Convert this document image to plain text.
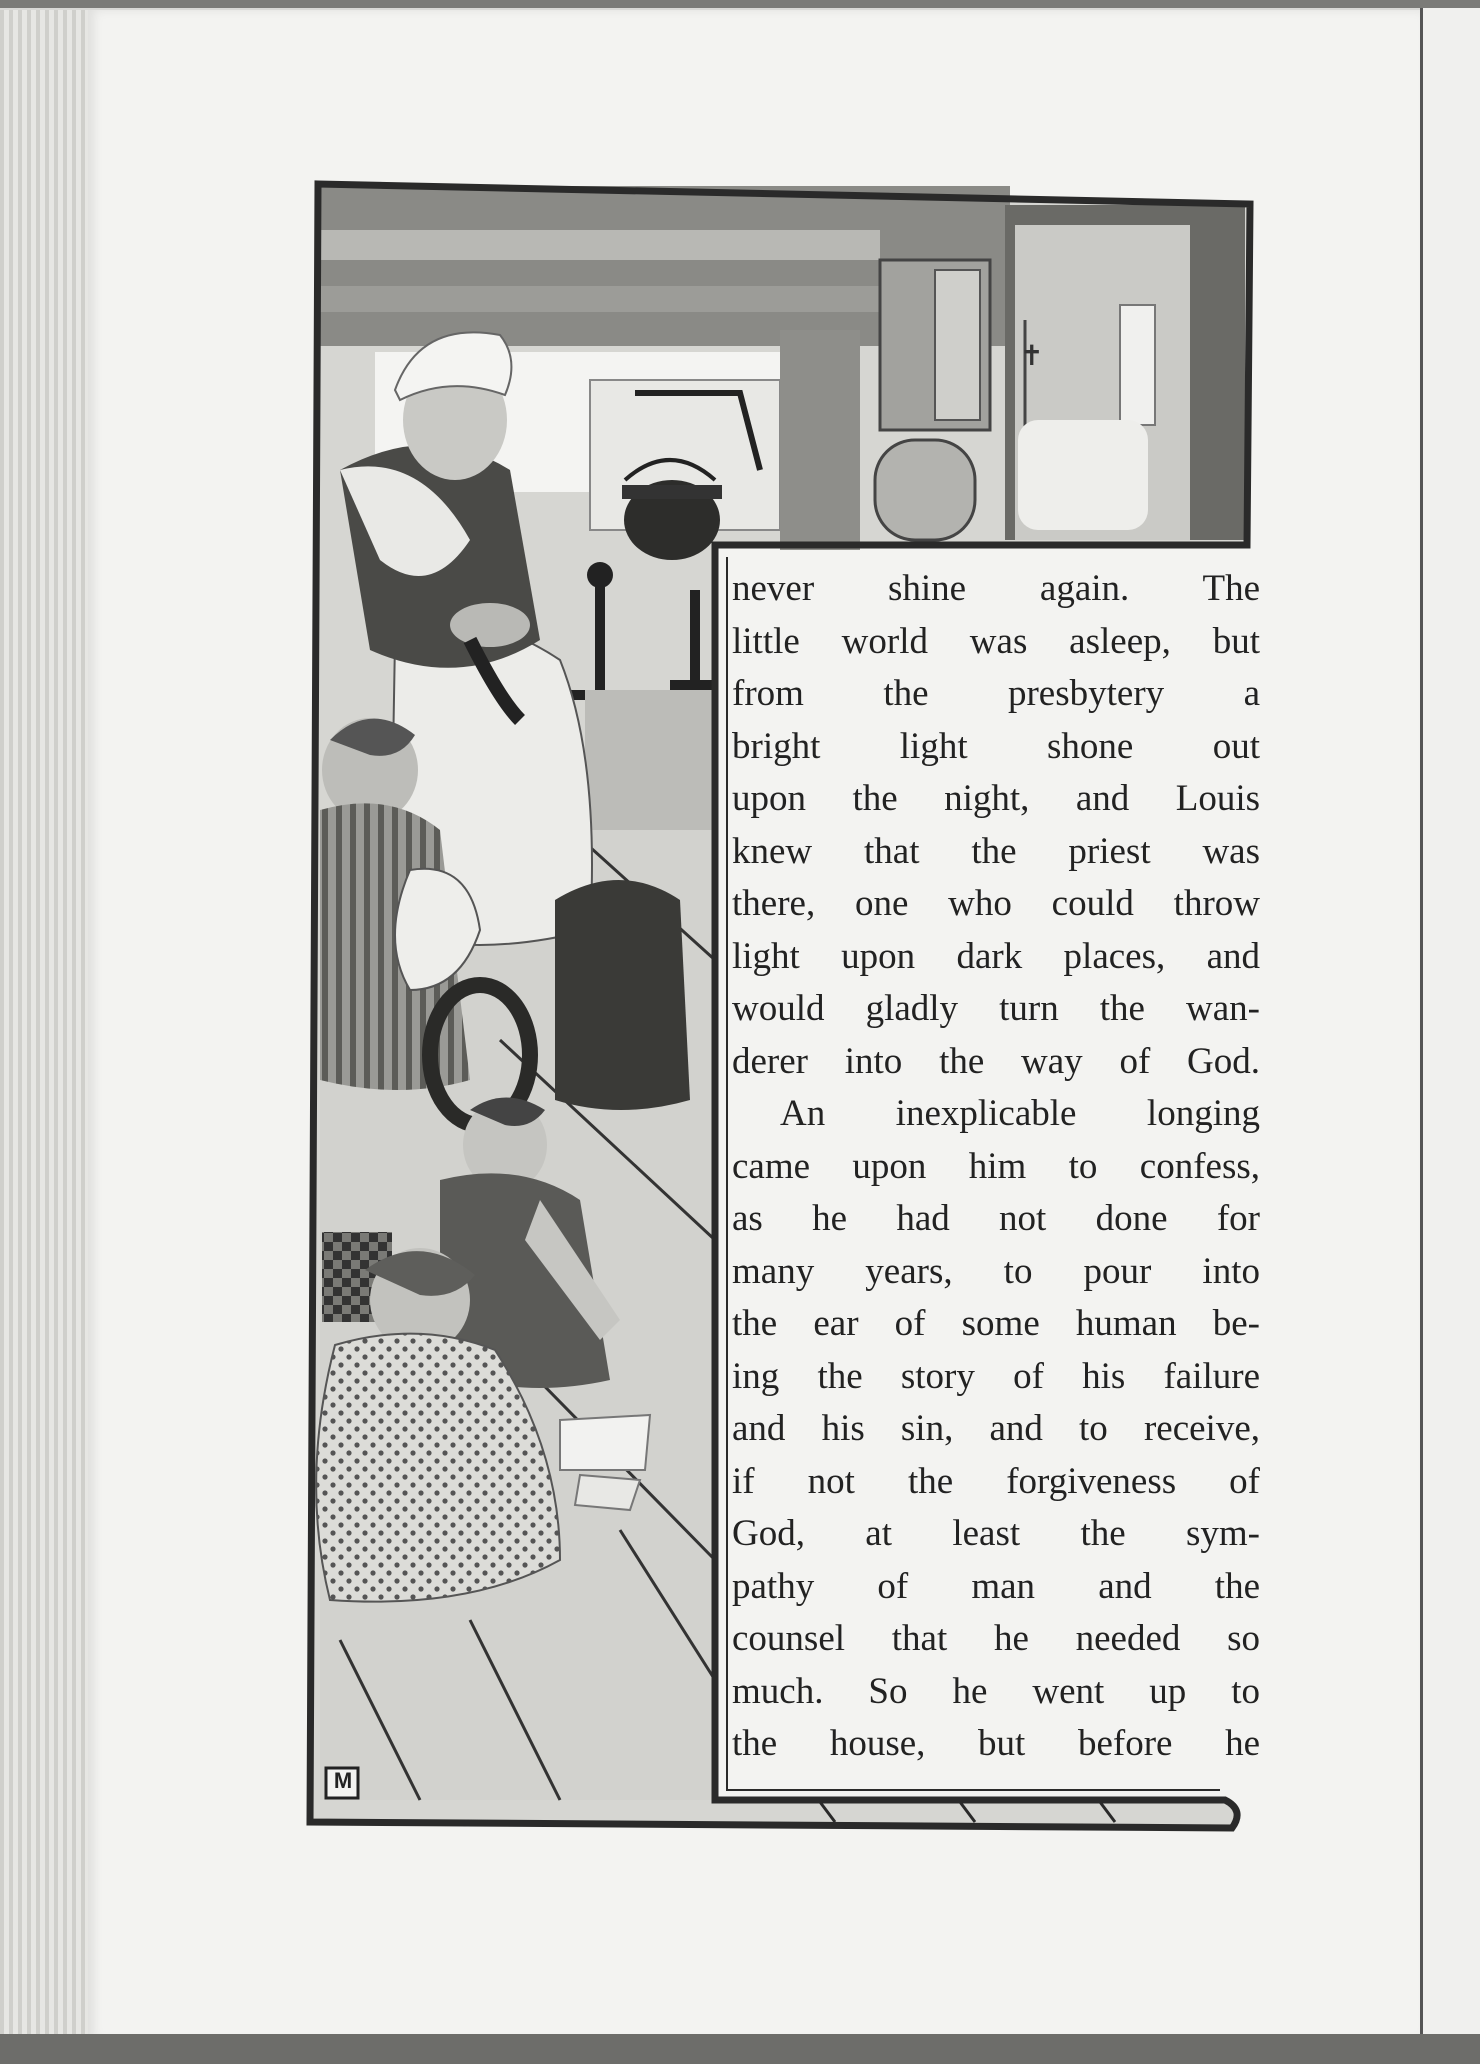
✝
M
never shine again. The
little world was asleep, but
from the presbytery a
bright light shone out
upon the night, and Louis
knew that the priest was
there, one who could throw
light upon dark places, and
would gladly turn the wan-
derer into the way of God.
An inexplicable longing
came upon him to confess,
as he had not done for
many years, to pour into
the ear of some human be-
ing the story of his failure
and his sin, and to receive,
if not the forgiveness of
God, at least the sym-
pathy of man and the
counsel that he needed so
much. So he went up to
the house, but before he
